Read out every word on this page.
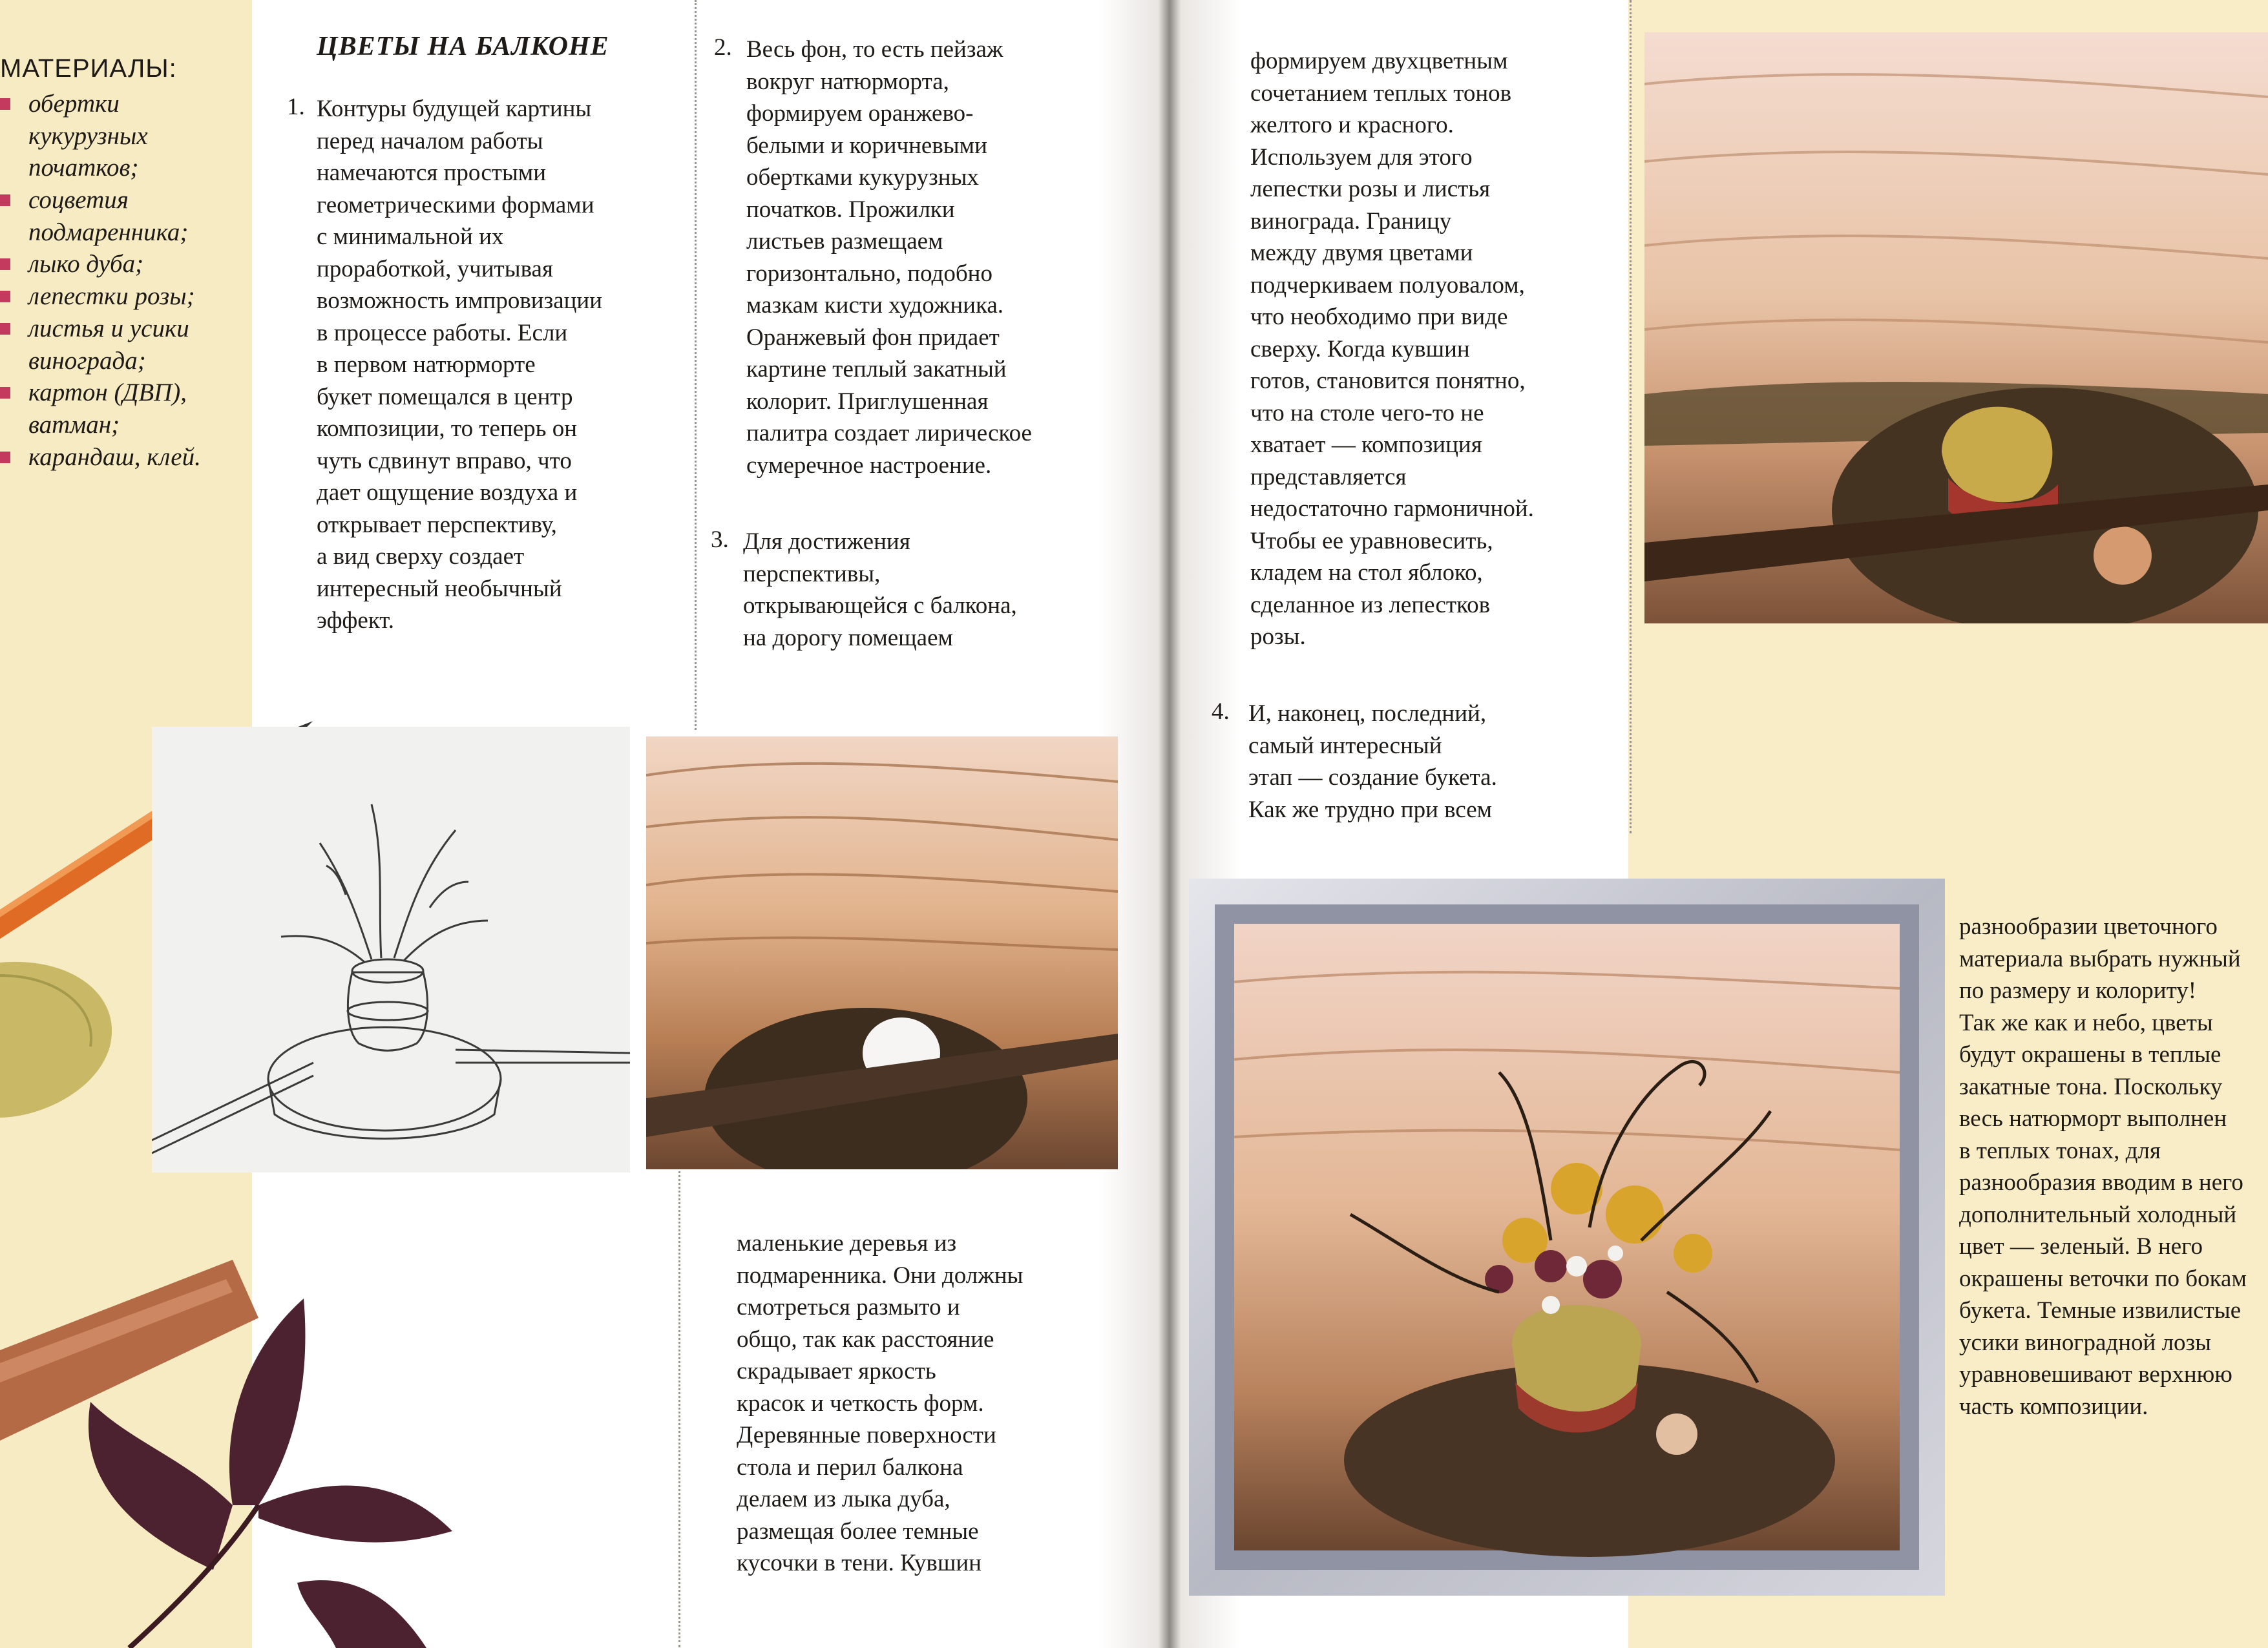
МАТЕРИАЛЫ:
обертки
кукурузных
початков;
соцветия
подмаренника;
лыко дуба;
лепестки розы;
листья и усики
винограда;
картон (ДВП),
ватман;
карандаш, клей.
ЦВЕТЫ НА БАЛКОНЕ
1. Контуры будущей картины
перед началом работы
намечаются простыми
геометрическими формами
с минимальной их
проработкой, учитывая
возможность импровизации
в процессе работы. Если
в первом натюрморте
букет помещался в центр
композиции, то теперь он
чуть сдвинут вправо, что
дает ощущение воздуха и
открывает перспективу,
а вид сверху создает
интересный необычный
эффект.
2. Весь фон, то есть пейзаж
вокруг натюрморта,
формируем оранжево-
белыми и коричневыми
обертками кукурузных
початков. Прожилки
листьев размещаем
горизонтально, подобно
мазкам кисти художника.
Оранжевый фон придает
картине теплый закатный
колорит. Приглушенная
палитра создает лирическое
сумеречное настроение.
3. Для достижения
перспективы,
открывающейся с балкона,
на дорогу помещаем
маленькие деревья из
подмаренника. Они должны
смотреться размыто и
общо, так как расстояние
скрадывает яркость
красок и четкость форм.
Деревянные поверхности
стола и перил балкона
делаем из лыка дуба,
размещая более темные
кусочки в тени. Кувшин
формируем двухцветным
сочетанием теплых тонов
желтого и красного.
Используем для этого
лепестки розы и листья
винограда. Границу
между двумя цветами
подчеркиваем полуовалом,
что необходимо при виде
сверху. Когда кувшин
готов, становится понятно,
что на столе чего-то не
хватает — композиция
представляется
недостаточно гармоничной.
Чтобы ее уравновесить,
кладем на стол яблоко,
сделанное из лепестков
розы.
4. И, наконец, последний,
самый интересный
этап — создание букета.
Как же трудно при всем
разнообразии цветочного
материала выбрать нужный
по размеру и колориту!
Так же как и небо, цветы
будут окрашены в теплые
закатные тона. Поскольку
весь натюрморт выполнен
в теплых тонах, для
разнообразия вводим в него
дополнительный холодный
цвет — зеленый. В него
окрашены веточки по бокам
букета. Темные извилистые
усики виноградной лозы
уравновешивают верхнюю
часть композиции.
